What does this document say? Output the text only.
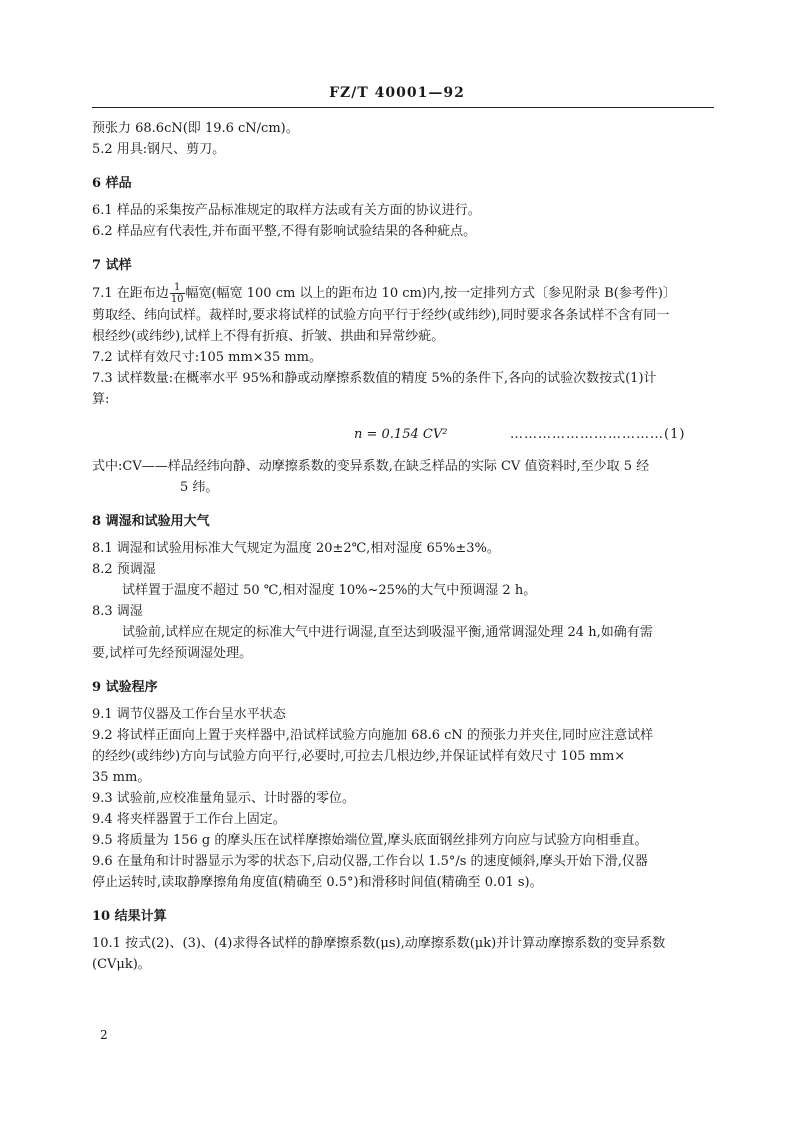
FZ/T 40001—92

预张力 68.6cN(即 19.6 cN/cm)。

5.2 用具:钢尺、剪刀。

6 样品

6.1 样品的采集按产品标准规定的取样方法或有关方面的协议进行。

6.2 样品应有代表性,并布面平整,不得有影响试验结果的各种疵点。

7 试样

7.1 在距布边 $\frac{1}{10}$ 幅宽(幅宽 100 cm 以上的距布边 10 cm)内,按一定排列方式〔参见附录 B(参考件)〕

剪取经、纬向试样。裁样时,要求将试样的试验方向平行于经纱(或纬纱),同时要求各条试样不含有同一

根经纱(或纬纱),试样上不得有折痕、折皱、拱曲和异常纱疵。

7.2 试样有效尺寸:105 mm×35 mm。

7.3 试样数量:在概率水平 95%和静或动摩擦系数值的精度 5%的条件下,各向的试验次数按式(1)计

算:

n = 0.154 CV²	……………………………(1)

式中:CV——样品经纬向静、动摩擦系数的变异系数,在缺乏样品的实际 CV 值资料时,至少取 5 经

5 纬。

8 调湿和试验用大气

8.1 调湿和试验用标准大气规定为温度 20±2℃,相对湿度 65%±3%。

8.2 预调湿

试样置于温度不超过 50 ℃,相对湿度 10%~25%的大气中预调湿 2 h。

8.3 调湿

试验前,试样应在规定的标准大气中进行调湿,直至达到吸湿平衡,通常调湿处理 24 h,如确有需

要,试样可先经预调湿处理。

9 试验程序

9.1 调节仪器及工作台呈水平状态

9.2 将试样正面向上置于夹样器中,沿试样试验方向施加 68.6 cN 的预张力并夹住,同时应注意试样

的经纱(或纬纱)方向与试验方向平行,必要时,可拉去几根边纱,并保证试样有效尺寸 105 mm×

35 mm。

9.3 试验前,应校准量角显示、计时器的零位。

9.4 将夹样器置于工作台上固定。

9.5 将质量为 156 g 的摩头压在试样摩擦始端位置,摩头底面钢丝排列方向应与试验方向相垂直。

9.6 在量角和计时器显示为零的状态下,启动仪器,工作台以 1.5°/s 的速度倾斜,摩头开始下滑,仪器

停止运转时,读取静摩擦角角度值(精确至 0.5°)和滑移时间值(精确至 0.01 s)。

10 结果计算

10.1 按式(2)、(3)、(4)求得各试样的静摩擦系数(μs),动摩擦系数(μk)并计算动摩擦系数的变异系数

(CVμk)。

2
